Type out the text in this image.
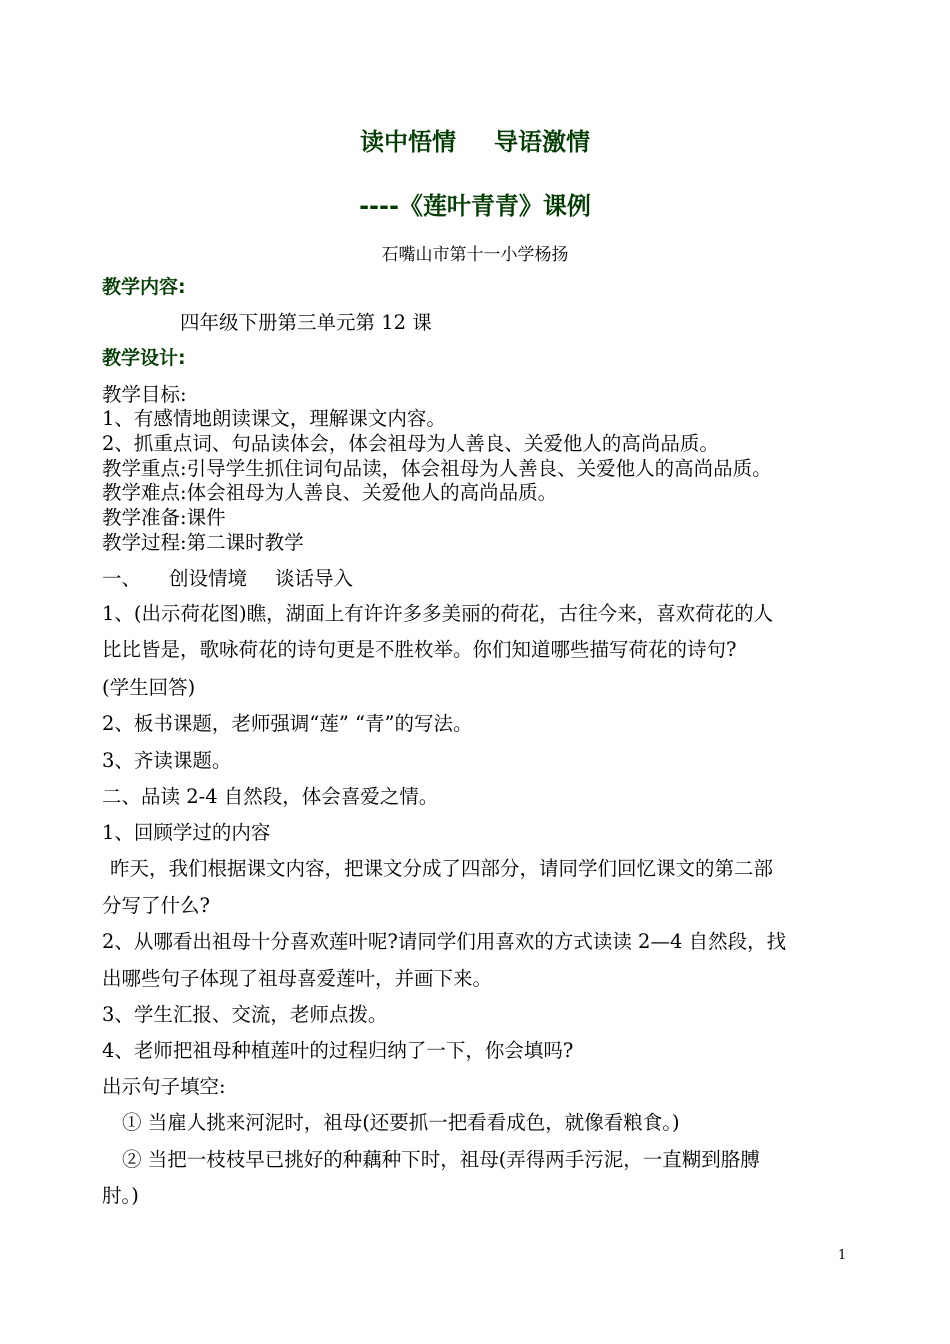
读中悟情 导语激情
----《莲叶青青》课例
石嘴山市第十一小学杨扬
教学内容:
四年级下册第三单元第 12 课
教学设计:
教学目标:
1、有感情地朗读课文，理解课文内容。
2、抓重点词、句品读体会，体会祖母为人善良、关爱他人的高尚品质。
教学重点:引导学生抓住词句品读，体会祖母为人善良、关爱他人的高尚品质。
教学难点:体会祖母为人善良、关爱他人的高尚品质。
教学准备:课件
教学过程:第二课时教学
一、 创设情境 谈话导入
1、(出示荷花图)瞧，湖面上有许许多多美丽的荷花，古往今来，喜欢荷花的人
比比皆是，歌咏荷花的诗句更是不胜枚举。你们知道哪些描写荷花的诗句?
(学生回答)
2、板书课题，老师强调“莲” “青”的写法。
3、齐读课题。
二、品读 2-4 自然段，体会喜爱之情。
1、回顾学过的内容
昨天，我们根据课文内容，把课文分成了四部分，请同学们回忆课文的第二部
分写了什么?
2、从哪看出祖母十分喜欢莲叶呢?请同学们用喜欢的方式读读 2—4 自然段，找
出哪些句子体现了祖母喜爱莲叶，并画下来。
3、学生汇报、交流，老师点拨。
4、老师把祖母种植莲叶的过程归纳了一下，你会填吗?
出示句子填空:
① 当雇人挑来河泥时，祖母(还要抓一把看看成色，就像看粮食。)
② 当把一枝枝早已挑好的种藕种下时，祖母(弄得两手污泥，一直糊到胳膊
肘。)
1
